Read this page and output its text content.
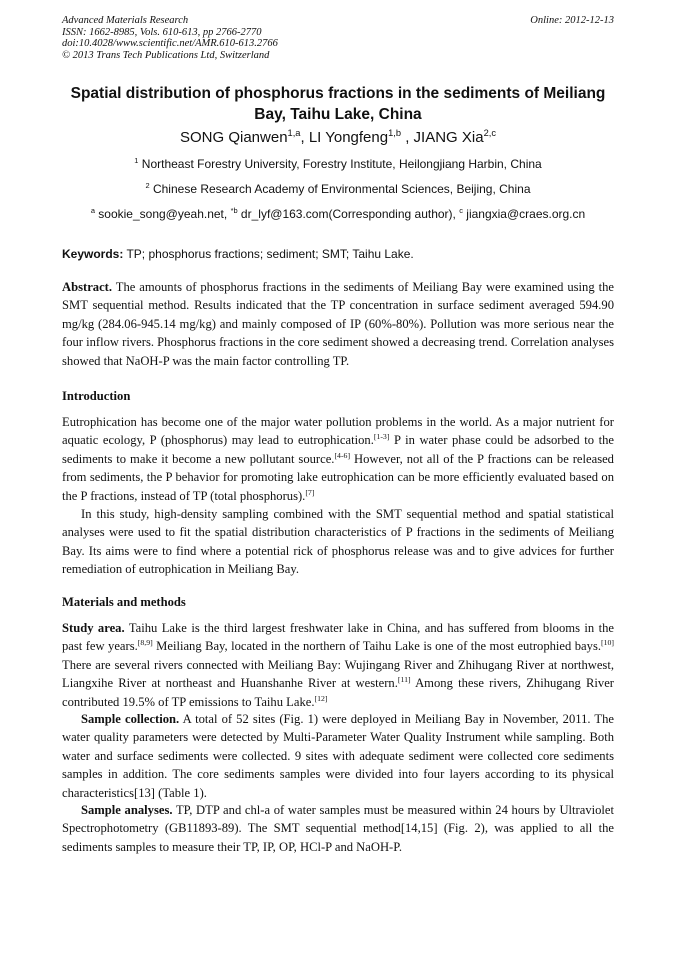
Advanced Materials Research
ISSN: 1662-8985, Vols. 610-613, pp 2766-2770
doi:10.4028/www.scientific.net/AMR.610-613.2766
© 2013 Trans Tech Publications Ltd, Switzerland
Online: 2012-12-13
Spatial distribution of phosphorus fractions in the sediments of Meiliang
Bay, Taihu Lake, China
SONG Qianwen$^{1,a}$, LI Yongfeng$^{1,b}$ , JIANG Xia$^{2,c}$
$^1$ Northeast Forestry University, Forestry Institute, Heilongjiang Harbin, China
$^2$ Chinese Research Academy of Environmental Sciences, Beijing, China
$^a$ sookie_song@yeah.net, $^{*b}$ dr_lyf@163.com(Corresponding author), $^c$ jiangxia@craes.org.cn
Keywords: TP; phosphorus fractions; sediment; SMT; Taihu Lake.
Abstract. The amounts of phosphorus fractions in the sediments of Meiliang Bay were examined using the SMT sequential method. Results indicated that the TP concentration in surface sediment averaged 594.90 mg/kg (284.06-945.14 mg/kg) and mainly composed of IP (60%-80%). Pollution was more serious near the four inflow rivers. Phosphorus fractions in the core sediment showed a decreasing trend. Correlation analyses showed that NaOH-P was the main factor controlling TP.
Introduction
Eutrophication has become one of the major water pollution problems in the world. As a major nutrient for aquatic ecology, P (phosphorus) may lead to eutrophication.[1-3] P in water phase could be adsorbed to the sediments to make it become a new pollutant source.[4-6] However, not all of the P fractions can be released from sediments, the P behavior for promoting lake eutrophication can be more efficiently evaluated based on the P fractions, instead of TP (total phosphorus).[7]
In this study, high-density sampling combined with the SMT sequential method and spatial statistical analyses were used to fit the spatial distribution characteristics of P fractions in the sediments of Meiliang Bay. Its aims were to find where a potential rick of phosphorus release was and to give advices for further remediation of eutrophication in Meiliang Bay.
Materials and methods
Study area. Taihu Lake is the third largest freshwater lake in China, and has suffered from blooms in the past few years.[8,9] Meiliang Bay, located in the northern of Taihu Lake is one of the most eutrophied bays.[10] There are several rivers connected with Meiliang Bay: Wujingang River and Zhihugang River at northwest, Liangxihe River at northeast and Huanshanhe River at western.[11] Among these rivers, Zhihugang River contributed 19.5% of TP emissions to Taihu Lake.[12]
Sample collection. A total of 52 sites (Fig. 1) were deployed in Meiliang Bay in November, 2011. The water quality parameters were detected by Multi-Parameter Water Quality Instrument while sampling. Both water and surface sediments were collected. 9 sites with adequate sediment were collected core sediments samples in addition. The core sediments samples were divided into four layers according to its physical characteristics[13] (Table 1).
Sample analyses. TP, DTP and chl-a of water samples must be measured within 24 hours by Ultraviolet Spectrophotometry (GB11893-89). The SMT sequential method[14,15] (Fig. 2), was applied to all the sediments samples to measure their TP, IP, OP, HCl-P and NaOH-P.
